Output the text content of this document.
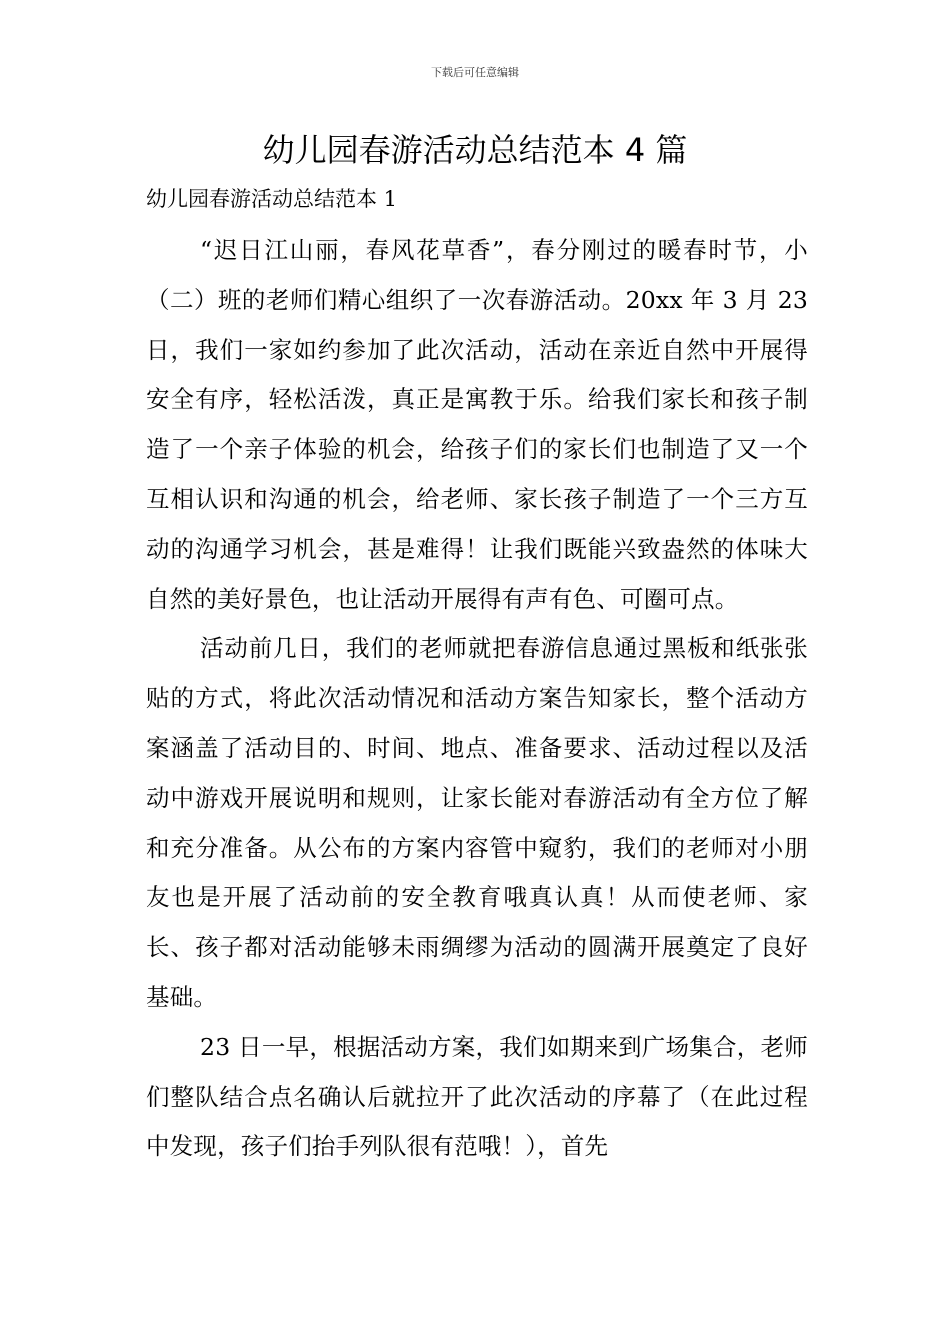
下载后可任意编辑
幼儿园春游活动总结范本 4 篇
幼儿园春游活动总结范本 1

“迟日江山丽，春风花草香”，春分刚过的暖春时节，小（二）班的老师们精心组织了一次春游活动。20xx 年 3 月 23 日，我们一家如约参加了此次活动，活动在亲近自然中开展得安全有序，轻松活泼，真正是寓教于乐。给我们家长和孩子制造了一个亲子体验的机会，给孩子们的家长们也制造了又一个互相认识和沟通的机会，给老师、家长孩子制造了一个三方互动的沟通学习机会，甚是难得！让我们既能兴致盎然的体味大自然的美好景色，也让活动开展得有声有色、可圈可点。

活动前几日，我们的老师就把春游信息通过黑板和纸张张贴的方式，将此次活动情况和活动方案告知家长，整个活动方案涵盖了活动目的、时间、地点、准备要求、活动过程以及活动中游戏开展说明和规则，让家长能对春游活动有全方位了解和充分准备。从公布的方案内容管中窥豹，我们的老师对小朋友也是开展了活动前的安全教育哦真认真！从而使老师、家长、孩子都对活动能够未雨绸缪为活动的圆满开展奠定了良好基础。

23 日一早，根据活动方案，我们如期来到广场集合，老师们整队结合点名确认后就拉开了此次活动的序幕了（在此过程中发现，孩子们抬手列队很有范哦！），首先
